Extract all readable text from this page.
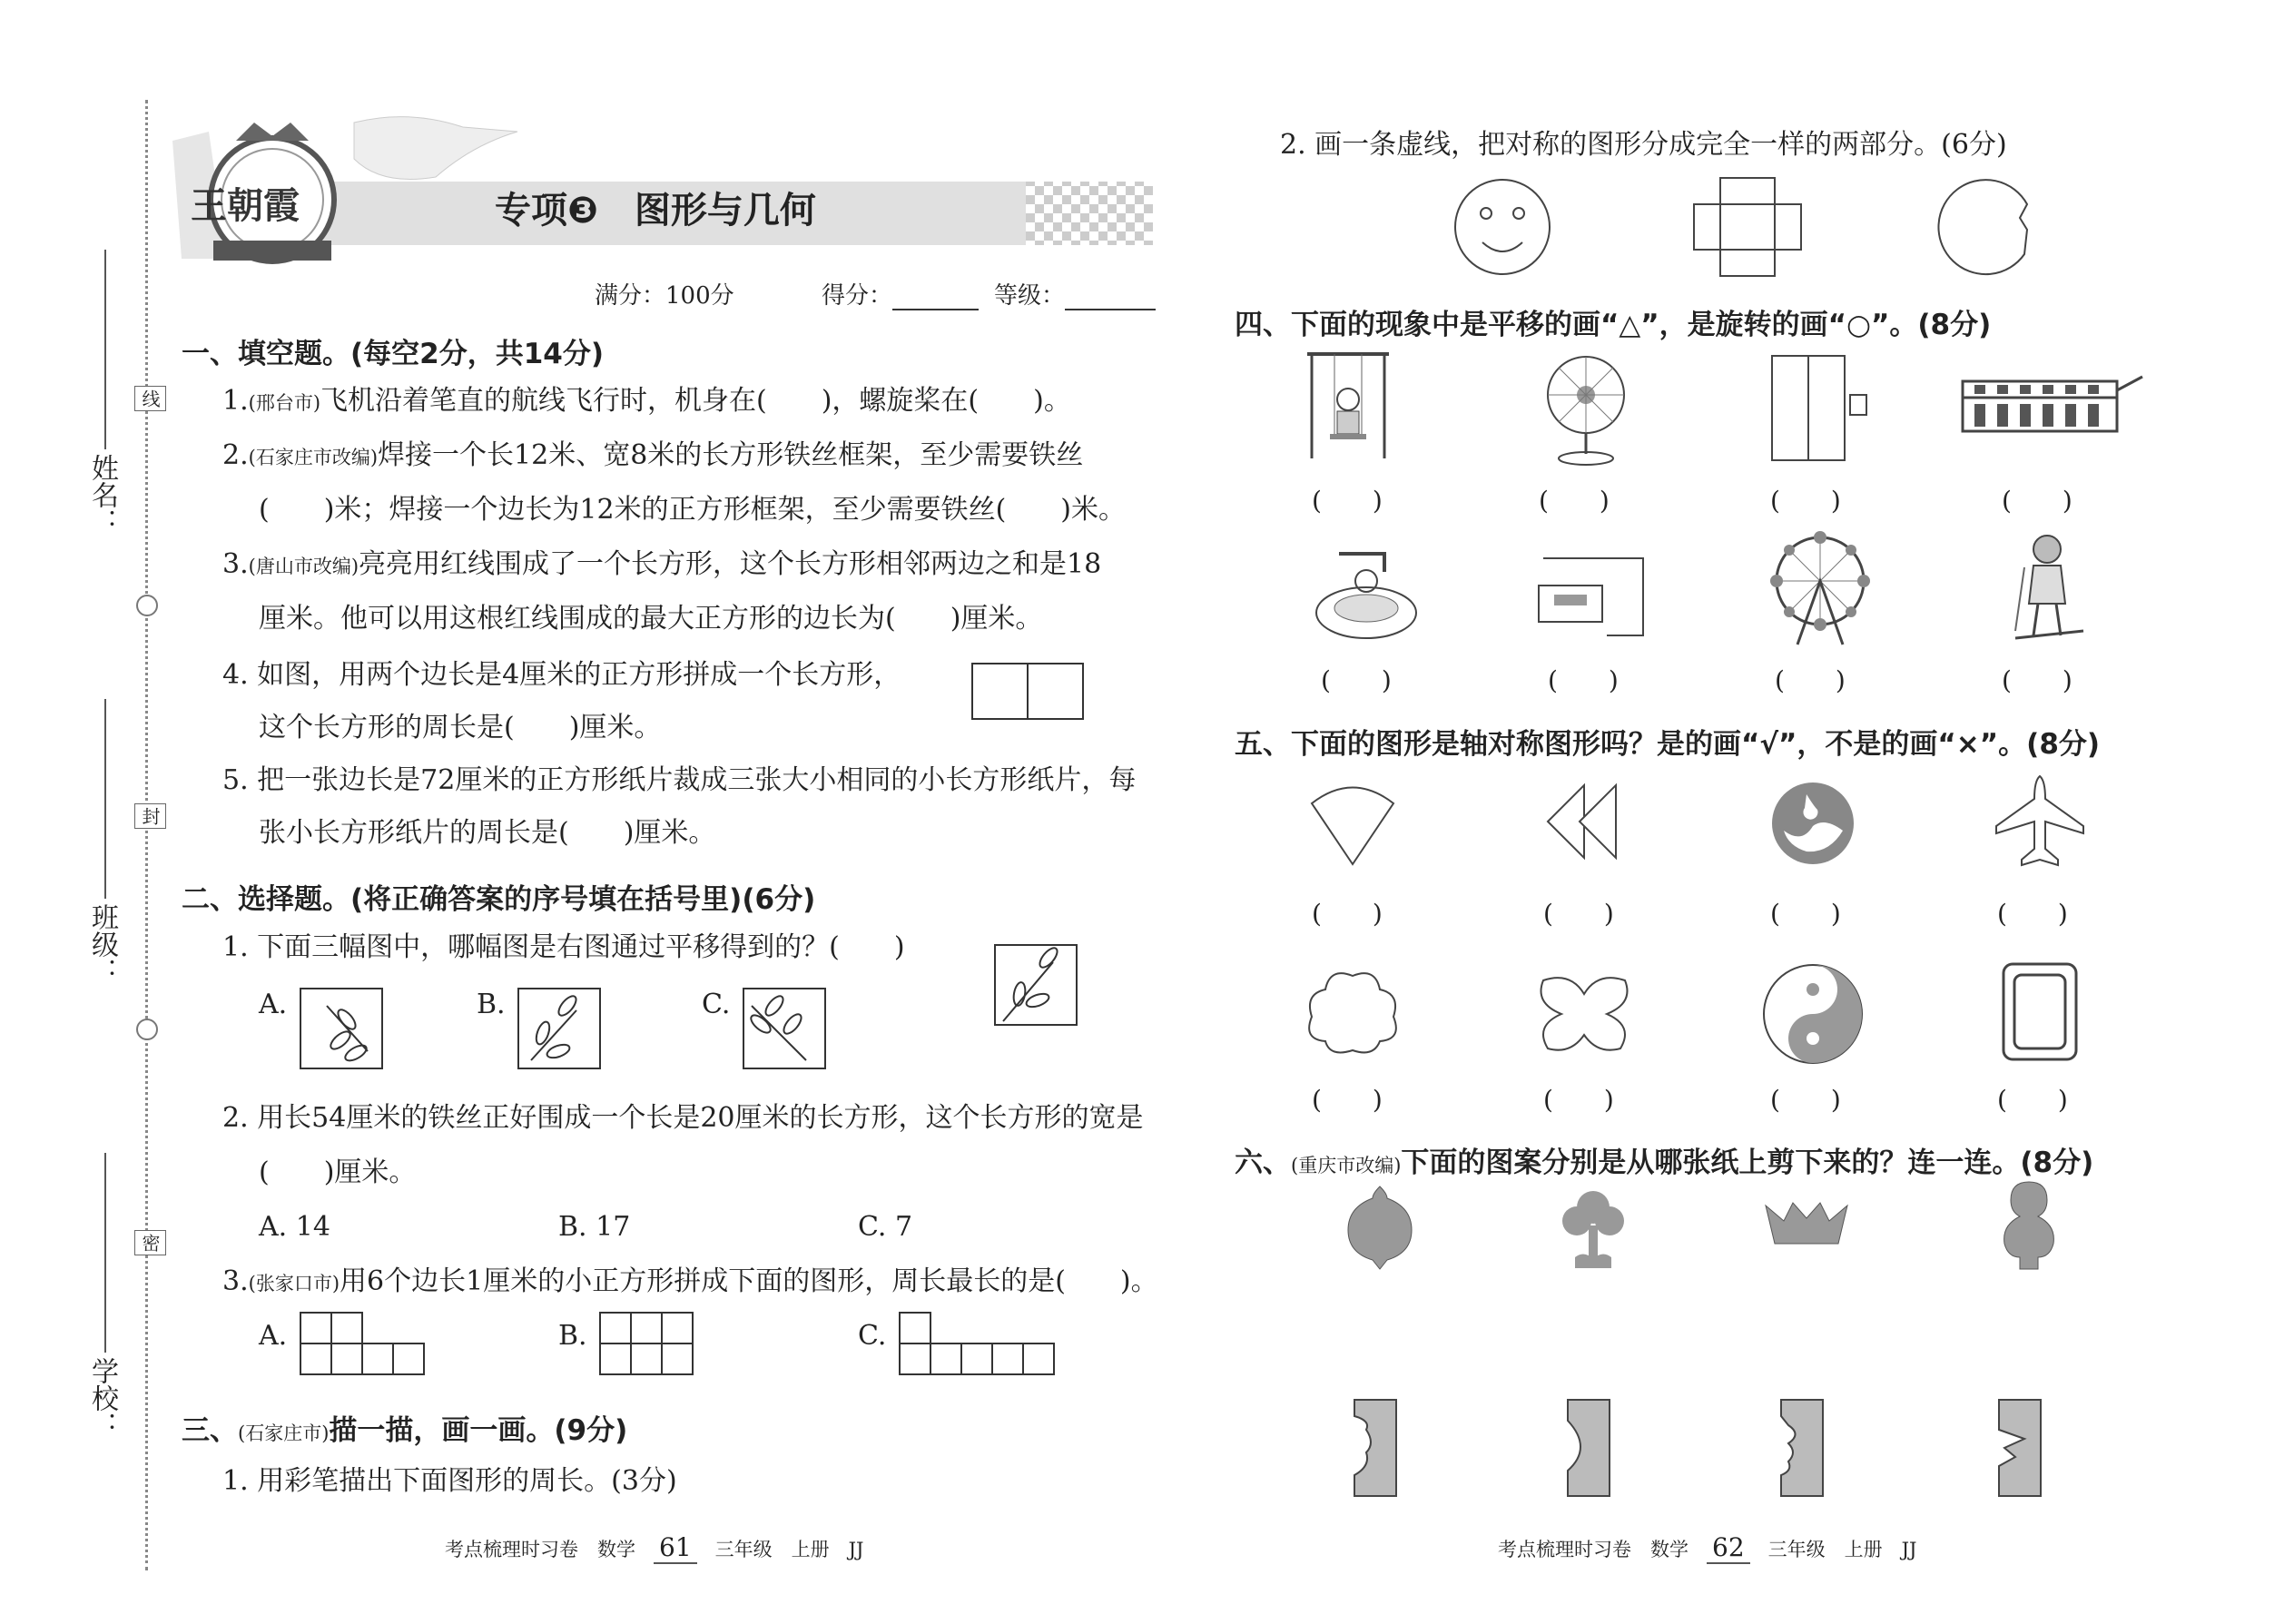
线
封
密
姓名：
班级：
学校：
王朝霞	专项❸　图形与几何
满分：100分	得分：	等级：
一、填空题。(每空2分，共14分)
1.(邢台市)飞机沿着笔直的航线飞行时，机身在(　　)，螺旋桨在(　　)。
2.(石家庄市改编)焊接一个长12米、宽8米的长方形铁丝框架，至少需要铁丝
(　　)米；焊接一个边长为12米的正方形框架，至少需要铁丝(　　)米。
3.(唐山市改编)亮亮用红线围成了一个长方形，这个长方形相邻两边之和是18
厘米。他可以用这根红线围成的最大正方形的边长为(　　)厘米。
4. 如图，用两个边长是4厘米的正方形拼成一个长方形，
这个长方形的周长是(　　)厘米。
5. 把一张边长是72厘米的正方形纸片裁成三张大小相同的小长方形纸片，每
张小长方形纸片的周长是(　　)厘米。
二、选择题。(将正确答案的序号填在括号里)(6分)
1. 下面三幅图中，哪幅图是右图通过平移得到的？(　　)
A.	B.	C.
2. 用长54厘米的铁丝正好围成一个长是20厘米的长方形，这个长方形的宽是
(　　)厘米。
A. 14	B. 17	C. 7
3.(张家口市)用6个边长1厘米的小正方形拼成下面的图形，周长最长的是(　　)。
A.	B.	C.
三、(石家庄市)描一描，画一画。(9分)
1. 用彩笔描出下面图形的周长。(3分)
考点梳理时习卷　数学 61 三年级　上册　JJ
2. 画一条虚线，把对称的图形分成完全一样的两部分。(6分)
四、下面的现象中是平移的画“△”，是旋转的画“○”。(8分)
(　　)	(　　)	(　　)	(　　)
(　　)	(　　)	(　　)	(　　)
五、下面的图形是轴对称图形吗？是的画“√”，不是的画“×”。(8分)
(　　)	(　　)	(　　)	(　　)
(　　)	(　　)	(　　)	(　　)
六、(重庆市改编)下面的图案分别是从哪张纸上剪下来的？连一连。(8分)
考点梳理时习卷　数学 62 三年级　上册　JJ
